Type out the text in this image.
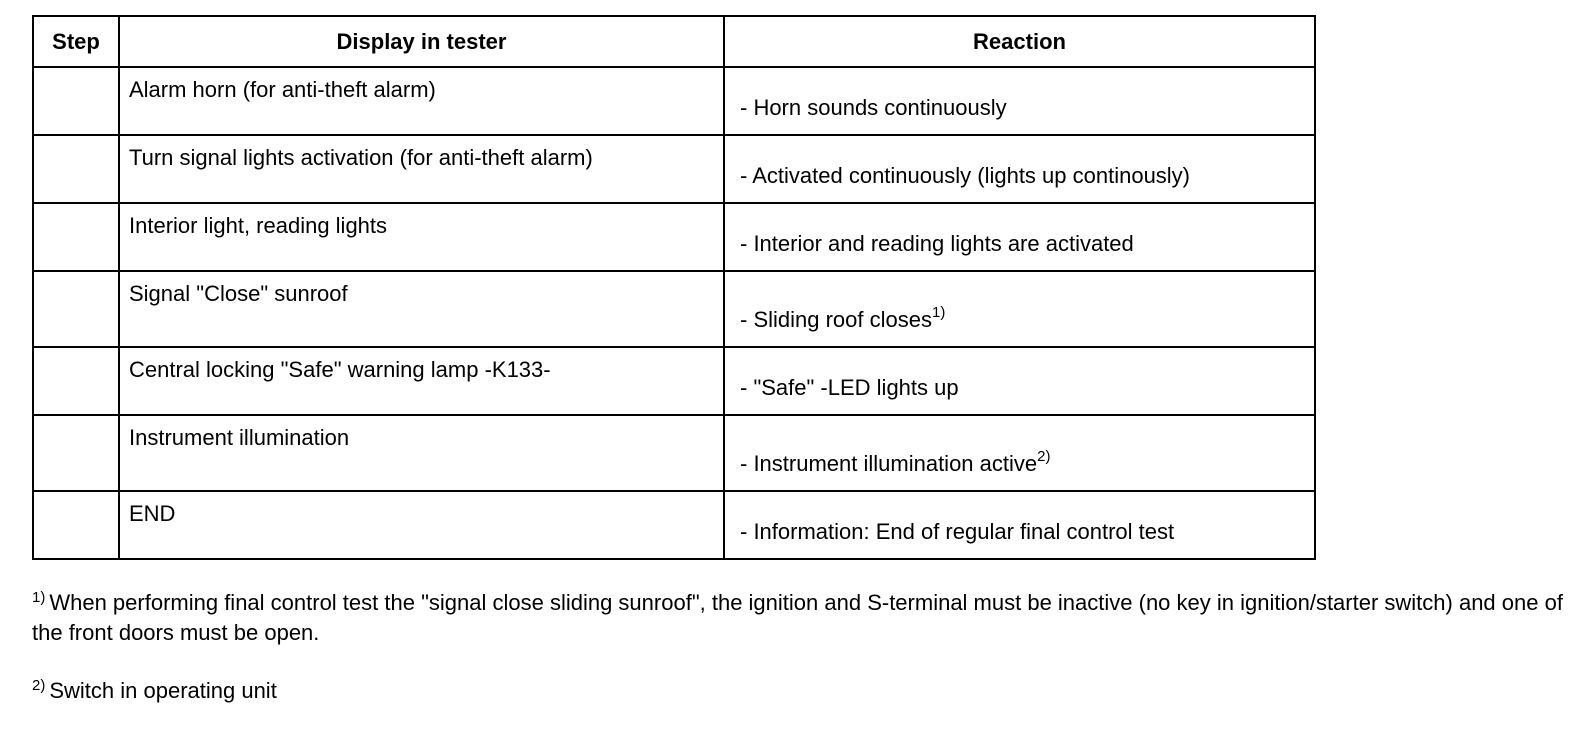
Step	Display in tester	Reaction
	Alarm horn (for anti-theft alarm)	- Horn sounds continuously
	Turn signal lights activation (for anti-theft alarm)	- Activated continuously (lights up continously)
	Interior light, reading lights	- Interior and reading lights are activated
	Signal "Close" sunroof	- Sliding roof closes$^{1)}$
	Central locking "Safe" warning lamp -K133-	- "Safe" -LED lights up
	Instrument illumination	- Instrument illumination active$^{2)}$
	END	- Information: End of regular final control test

$^{1)}$ When performing final control test the "signal close sliding sunroof", the ignition and S-terminal must be inactive (no key in ignition/starter switch) and one of the front doors must be open.

$^{2)}$ Switch in operating unit
